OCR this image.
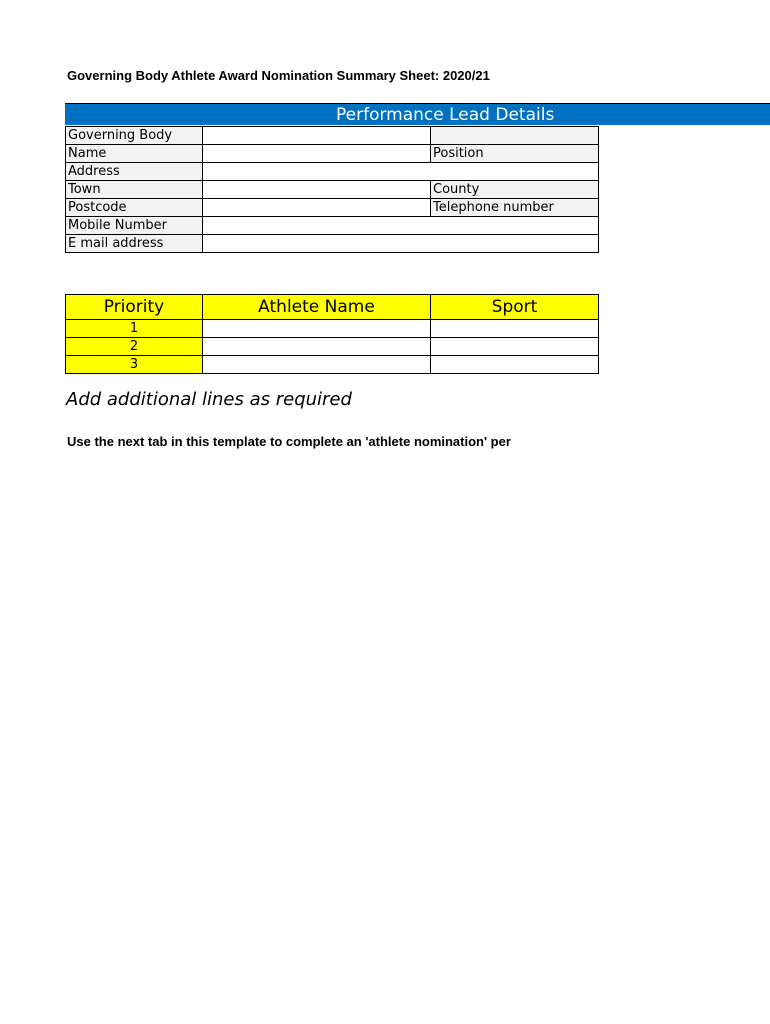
Governing Body Athlete Award Nomination Summary Sheet: 2020/21
Performance Lead Details
Governing Body		
Name		Position
Address		
Town		County
Postcode		Telephone number
Mobile Number		
E mail address		
Priority	Athlete Name	Sport
1		
2		
3		
Add additional lines as required
Use the next tab in this template to complete an 'athlete nomination' per
